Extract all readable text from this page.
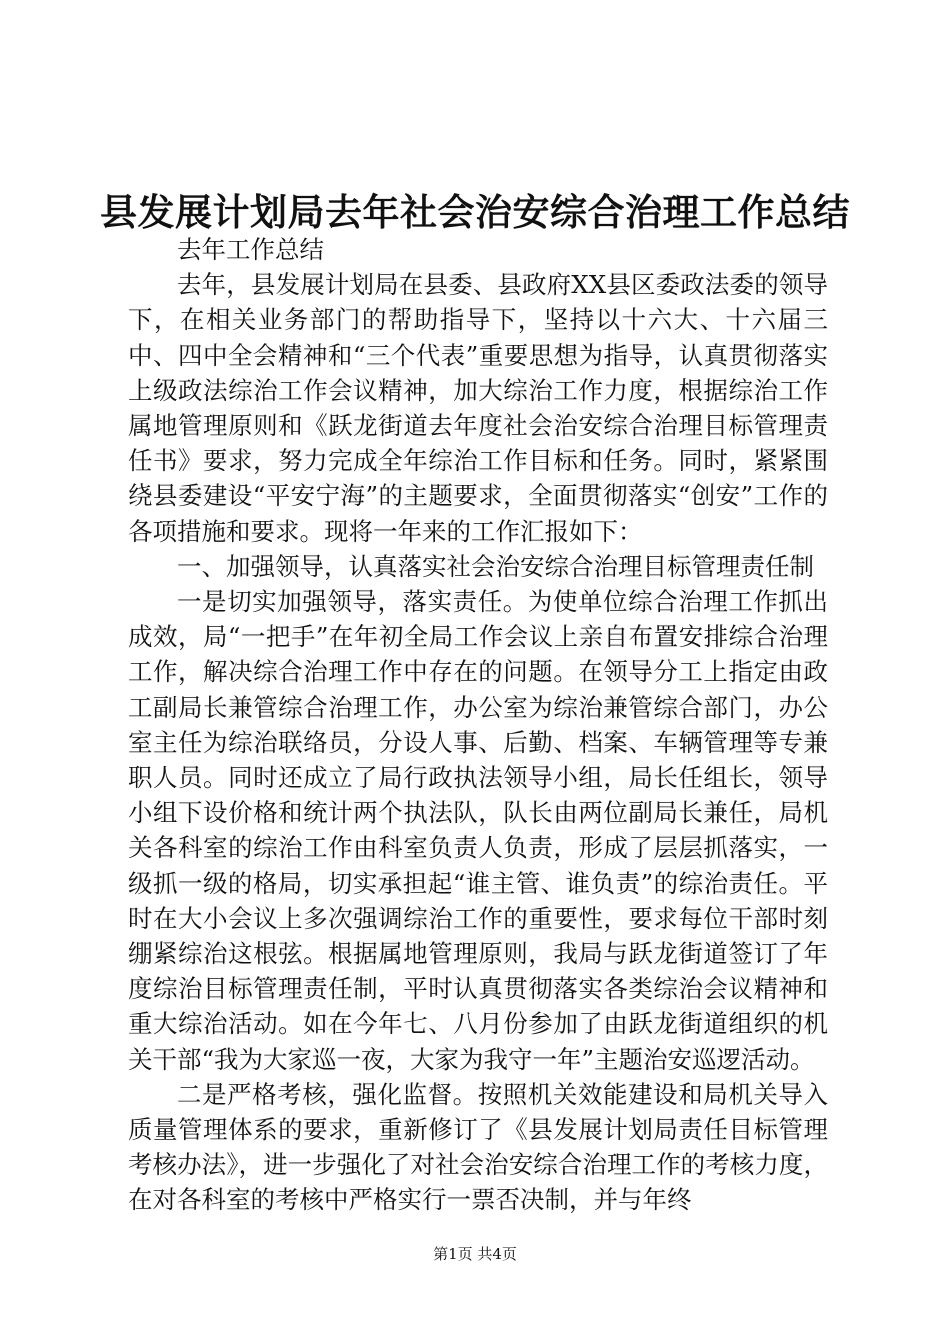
县发展计划局去年社会治安综合治理工作总结

去年工作总结

去年，县发展计划局在县委、县政府XX县区委政法委的领导下，在相关业务部门的帮助指导下，坚持以十六大、十六届三中、四中全会精神和“三个代表”重要思想为指导，认真贯彻落实上级政法综治工作会议精神，加大综治工作力度，根据综治工作属地管理原则和《跃龙街道去年度社会治安综合治理目标管理责任书》要求，努力完成全年综治工作目标和任务。同时，紧紧围绕县委建设“平安宁海”的主题要求，全面贯彻落实“创安”工作的各项措施和要求。现将一年来的工作汇报如下：

一、加强领导，认真落实社会治安综合治理目标管理责任制

一是切实加强领导，落实责任。为使单位综合治理工作抓出成效，局“一把手”在年初全局工作会议上亲自布置安排综合治理工作，解决综合治理工作中存在的问题。在领导分工上指定由政工副局长兼管综合治理工作，办公室为综治兼管综合部门，办公室主任为综治联络员，分设人事、后勤、档案、车辆管理等专兼职人员。同时还成立了局行政执法领导小组，局长任组长，领导小组下设价格和统计两个执法队，队长由两位副局长兼任，局机关各科室的综治工作由科室负责人负责，形成了层层抓落实，一级抓一级的格局，切实承担起“谁主管、谁负责”的综治责任。平时在大小会议上多次强调综治工作的重要性，要求每位干部时刻绷紧综治这根弦。根据属地管理原则，我局与跃龙街道签订了年度综治目标管理责任制，平时认真贯彻落实各类综治会议精神和重大综治活动。如在今年七、八月份参加了由跃龙街道组织的机关干部“我为大家巡一夜，大家为我守一年”主题治安巡逻活动。

二是严格考核，强化监督。按照机关效能建设和局机关导入质量管理体系的要求，重新修订了《县发展计划局责任目标管理考核办法》，进一步强化了对社会治安综合治理工作的考核力度，在对各科室的考核中严格实行一票否决制，并与年终

第1页 共4页
